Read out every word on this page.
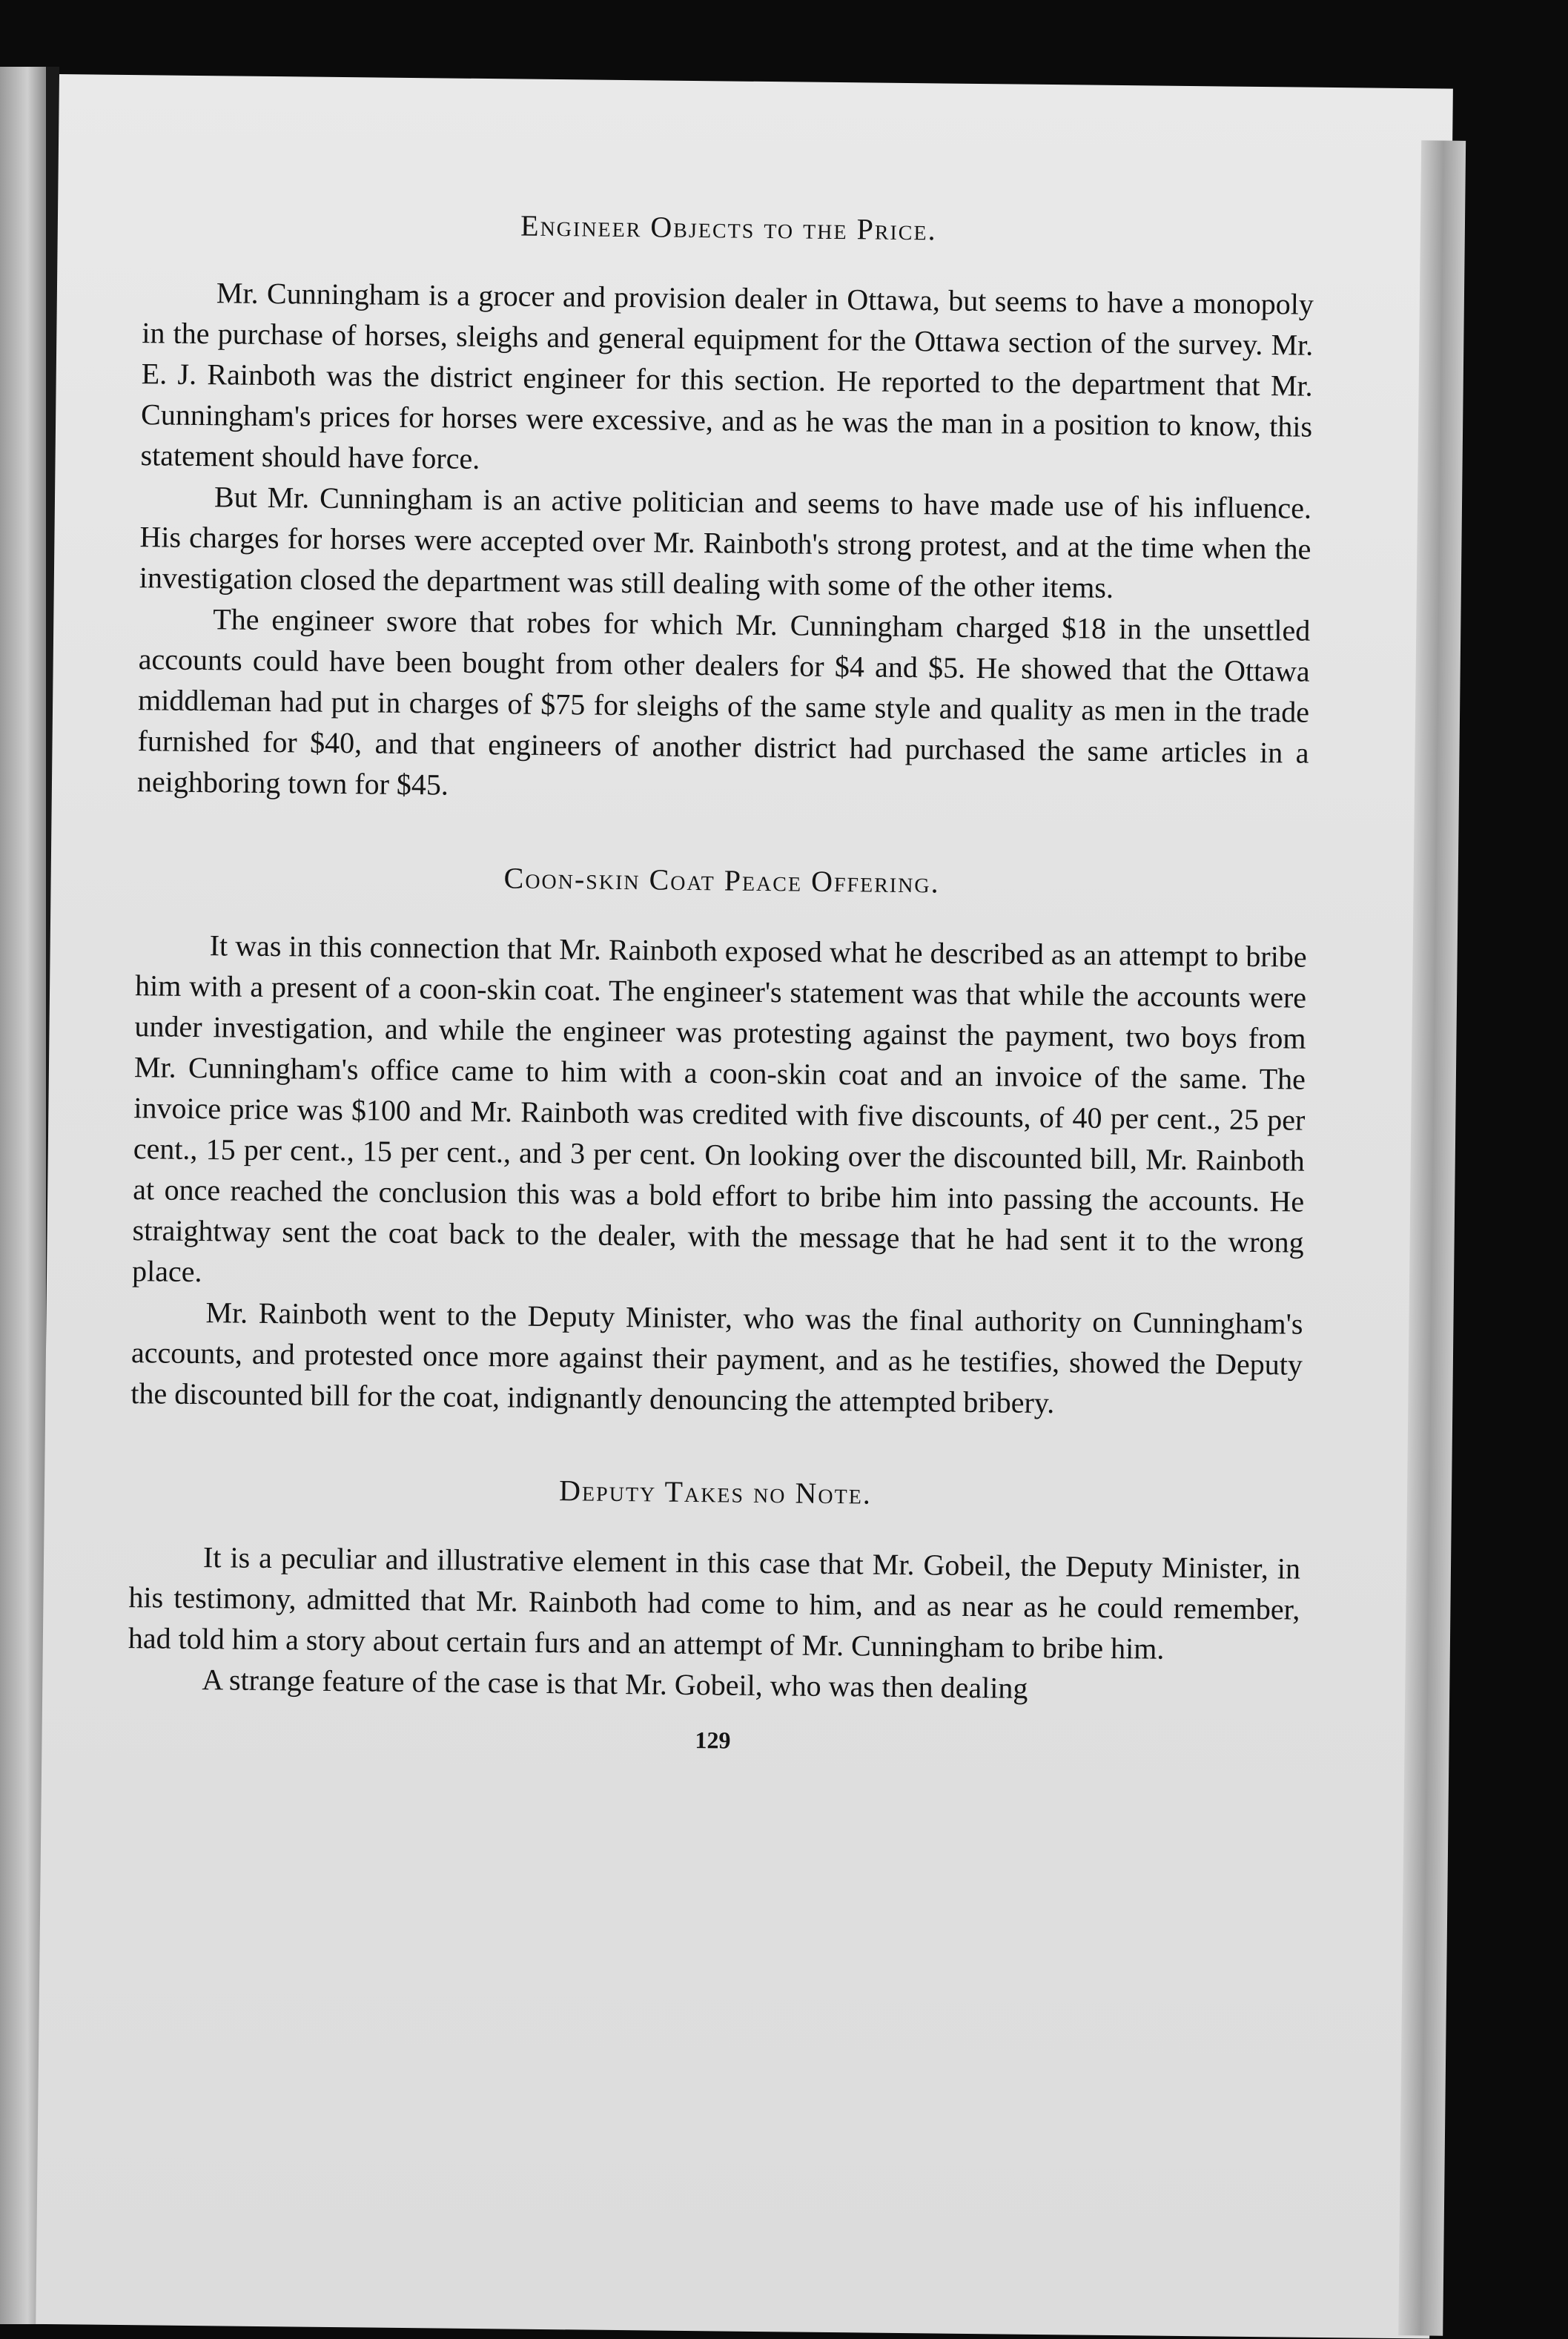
Engineer Objects to the Price.

Mr. Cunningham is a grocer and provision dealer in Ottawa, but seems to have a monopoly in the purchase of horses, sleighs and general equipment for the Ottawa section of the survey. Mr. E. J. Rainboth was the district engineer for this section. He reported to the department that Mr. Cunningham's prices for horses were excessive, and as he was the man in a position to know, this statement should have force.

But Mr. Cunningham is an active politician and seems to have made use of his influence. His charges for horses were accepted over Mr. Rainboth's strong protest, and at the time when the investigation closed the department was still dealing with some of the other items.

The engineer swore that robes for which Mr. Cunningham charged $18 in the unsettled accounts could have been bought from other dealers for $4 and $5. He showed that the Ottawa middleman had put in charges of $75 for sleighs of the same style and quality as men in the trade furnished for $40, and that engineers of another district had purchased the same articles in a neighboring town for $45.

Coon-skin Coat Peace Offering.

It was in this connection that Mr. Rainboth exposed what he described as an attempt to bribe him with a present of a coon-skin coat. The engineer's statement was that while the accounts were under investigation, and while the engineer was protesting against the payment, two boys from Mr. Cunningham's office came to him with a coon-skin coat and an invoice of the same. The invoice price was $100 and Mr. Rainboth was credited with five discounts, of 40 per cent., 25 per cent., 15 per cent., 15 per cent., and 3 per cent. On looking over the discounted bill, Mr. Rainboth at once reached the conclusion this was a bold effort to bribe him into passing the accounts. He straightway sent the coat back to the dealer, with the message that he had sent it to the wrong place.

Mr. Rainboth went to the Deputy Minister, who was the final authority on Cunningham's accounts, and protested once more against their payment, and as he testifies, showed the Deputy the discounted bill for the coat, indignantly denouncing the attempted bribery.

Deputy Takes no Note.

It is a peculiar and illustrative element in this case that Mr. Gobeil, the Deputy Minister, in his testimony, admitted that Mr. Rainboth had come to him, and as near as he could remember, had told him a story about certain furs and an attempt of Mr. Cunningham to bribe him.

A strange feature of the case is that Mr. Gobeil, who was then dealing

129
